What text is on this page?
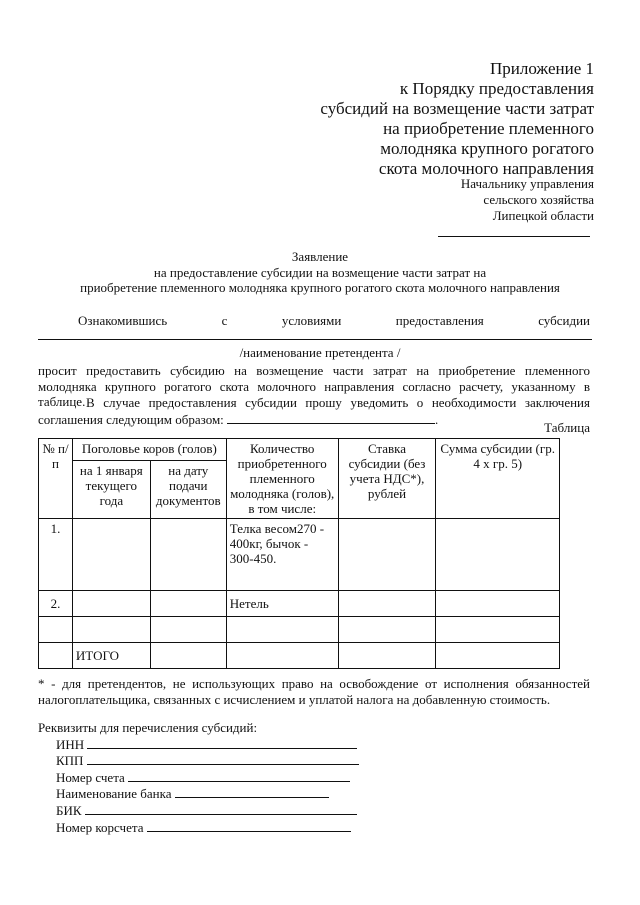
Приложение 1
к Порядку предоставления
субсидий на возмещение части затрат
на приобретение племенного
молодняка крупного рогатого
скота молочного направления
Начальнику управления
сельского хозяйства
Липецкой области
Заявление
на предоставление субсидии на возмещение части затрат на
приобретение племенного молодняка крупного рогатого скота молочного направления
Ознакомившись	с	условиями	предоставления	субсидии
/наименование претендента /
просит предоставить субсидию на возмещение части затрат на приобретение племенного молодняка крупного рогатого скота молочного направления согласно расчету, указанному в таблице. В случае предоставления субсидии прошу уведомить о необходимости заключения соглашения следующим образом:	.
Таблица
№ п/п	Поголовье коров (голов)		Количество приобретенного племенного молодняка (голов), в том числе:	Ставка субсидии (без учета НДС*), рублей	Сумма субсидии (гр. 4 х гр. 5)
	на 1 января текущего года	на дату подачи документов			
1.			Телка весом270 - 400кг, бычок - 300-450.		
2.			Нетель		

	ИТОГО				
* - для претендентов, не использующих право на освобождение от исполнения обязанностей налогоплательщика, связанных с исчислением и уплатой налога на добавленную стоимость.
Реквизиты для перечисления субсидий:
ИНН
КПП
Номер счета
Наименование банка
БИК
Номер корсчета
